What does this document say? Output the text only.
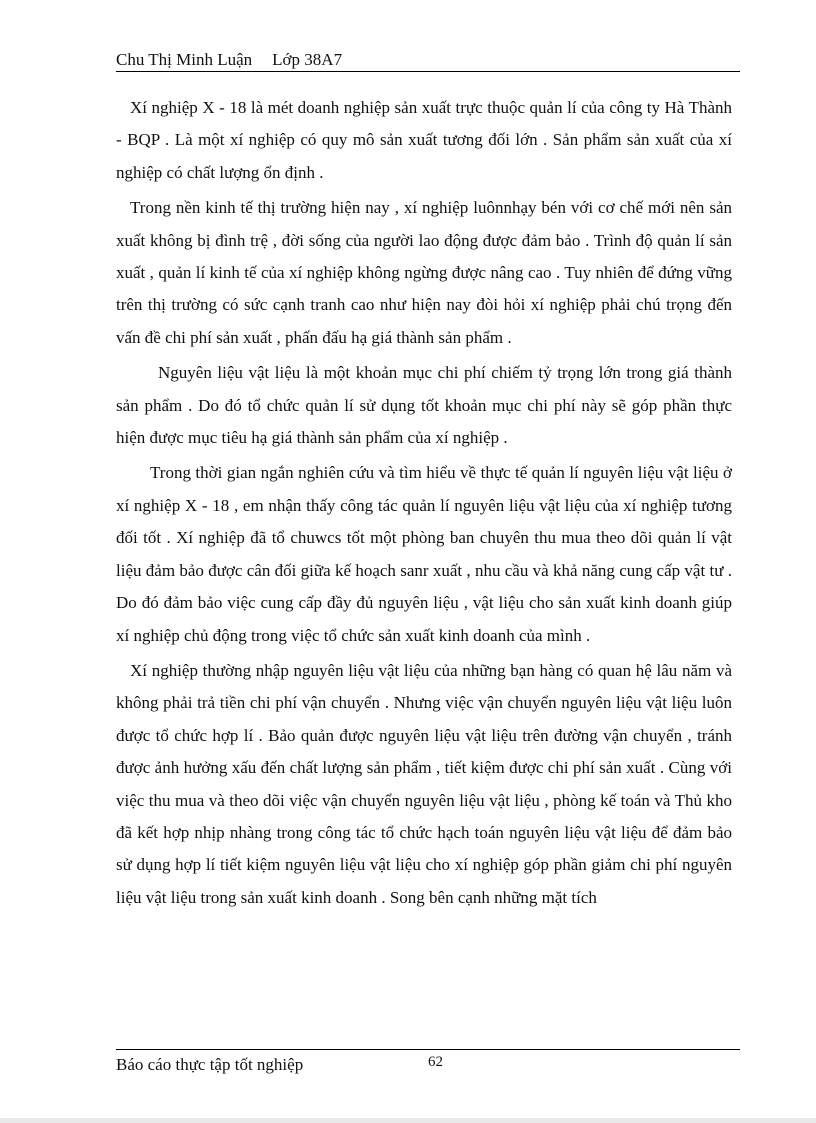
Chu Thị Minh Luận Lớp 38A7

Xí nghiệp X - 18 là mét doanh nghiệp sản xuất trực thuộc quản lí của công ty Hà Thành - BQP . Là một xí nghiệp có quy mô sản xuất tương đối lớn . Sản phẩm sản xuất của xí nghiệp có chất lượng ổn định .

Trong nền kinh tế thị trường hiện nay , xí nghiệp luônnhạy bén với cơ chế mới nên sản xuất không bị đình trệ , đời sống của người lao động được đảm bảo . Trình độ quản lí sản xuất , quản lí kinh tế của xí nghiệp không ngừng được nâng cao . Tuy nhiên để đứng vững trên thị trường có sức cạnh tranh cao như hiện nay đòi hỏi xí nghiệp phải chú trọng đến vấn đề chi phí sản xuất , phấn đấu hạ giá thành sản phẩm .

Nguyên liệu vật liệu là một khoản mục chi phí chiếm tỷ trọng lớn trong giá thành sản phẩm . Do đó tổ chức quản lí sử dụng tốt khoản mục chi phí này sẽ góp phần thực hiện được mục tiêu hạ giá thành sản phẩm của xí nghiệp .

Trong thời gian ngắn nghiên cứu và tìm hiểu về thực tế quản lí nguyên liệu vật liệu ở xí nghiệp X - 18 , em nhận thấy công tác quản lí nguyên liệu vật liệu của xí nghiệp tương đối tốt . Xí nghiệp đã tổ chuwcs tốt một phòng ban chuyên thu mua theo dõi quản lí vật liệu đảm bảo được cân đối giữa kế hoạch sanr xuất , nhu cầu và khả năng cung cấp vật tư . Do đó đảm bảo việc cung cấp đầy đủ nguyên liệu , vật liệu cho sản xuất kinh doanh giúp xí nghiệp chủ động trong việc tổ chức sản xuất kinh doanh của mình .

Xí nghiệp thường nhập nguyên liệu vật liệu của những bạn hàng có quan hệ lâu năm và không phải trả tiền chi phí vận chuyển . Nhưng việc vận chuyển nguyên liệu vật liệu luôn được tổ chức hợp lí . Bảo quản được nguyên liệu vật liệu trên đường vận chuyển , tránh được ảnh hưởng xấu đến chất lượng sản phẩm , tiết kiệm được chi phí sản xuất . Cùng với việc thu mua và theo dõi việc vận chuyển nguyên liệu vật liệu , phòng kế toán và Thủ kho đã kết hợp nhịp nhàng trong công tác tổ chức hạch toán nguyên liệu vật liệu để đảm bảo sử dụng hợp lí tiết kiệm nguyên liệu vật liệu cho xí nghiệp góp phần giảm chi phí nguyên liệu vật liệu trong sản xuất kinh doanh . Song bên cạnh những mặt tích

Báo cáo thực tập tốt nghiệp	62
